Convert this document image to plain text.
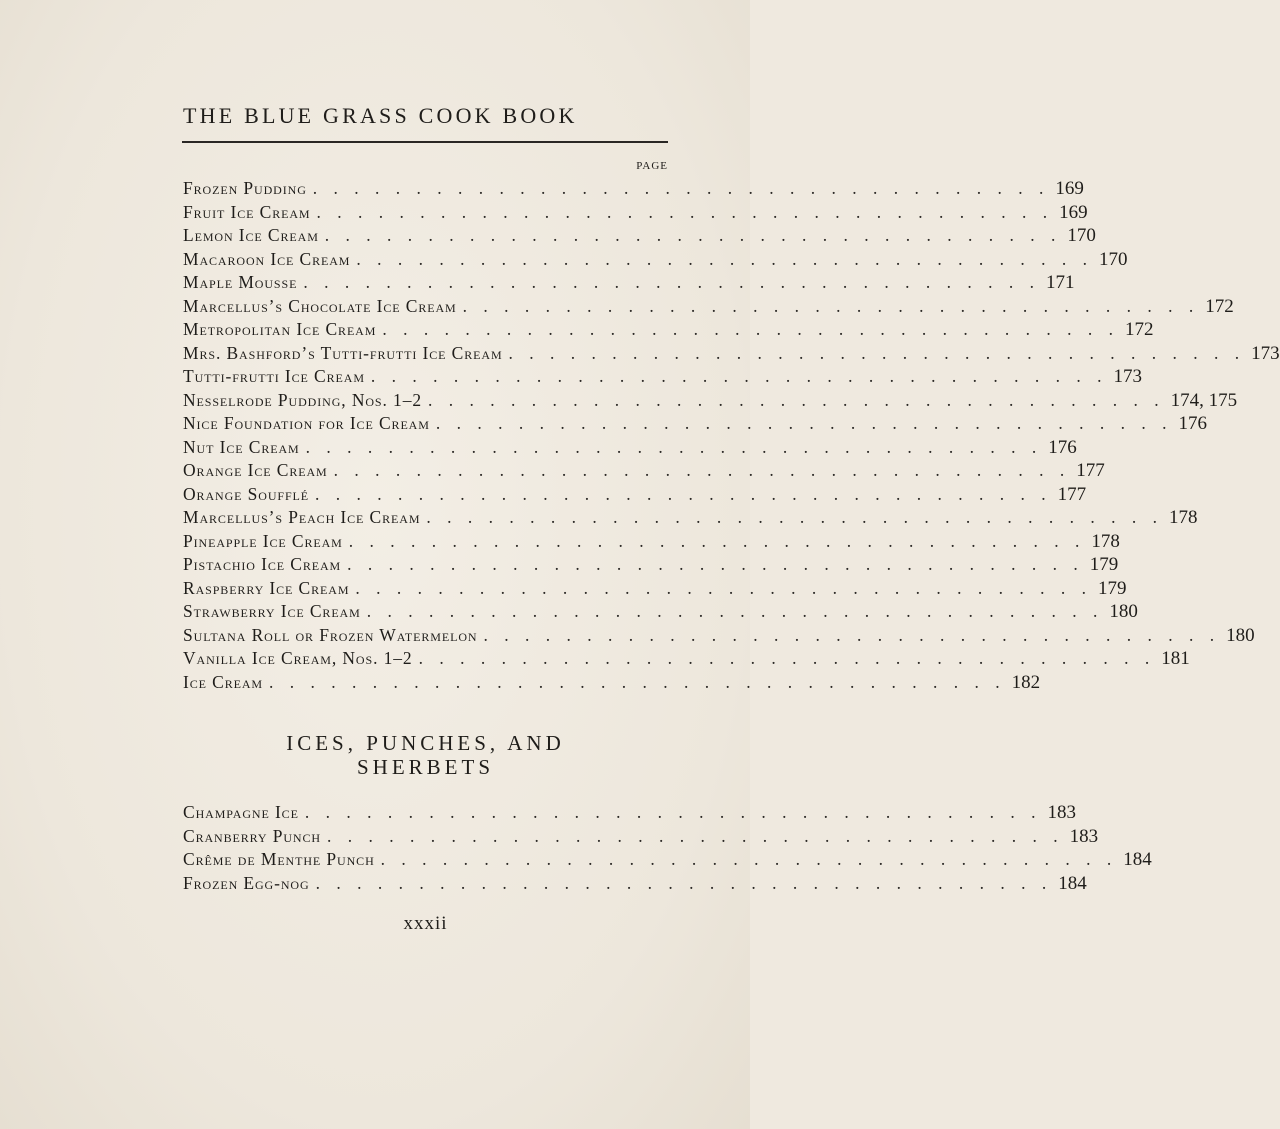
THE BLUE GRASS COOK BOOK
PAGE
Frozen Pudding . . . . . . . . . . . . . . . . . . . . . . . . . . . . . . . . . . . . 169
Fruit Ice Cream . . . . . . . . . . . . . . . . . . . . . . . . . . . . . . . . . . . . 169
Lemon Ice Cream . . . . . . . . . . . . . . . . . . . . . . . . . . . . . . . . . . . . 170
Macaroon Ice Cream . . . . . . . . . . . . . . . . . . . . . . . . . . . . . . . . . . . . 170
Maple Mousse . . . . . . . . . . . . . . . . . . . . . . . . . . . . . . . . . . . . 171
Marcellus’s Chocolate Ice Cream . . . . . . . . . . . . . . . . . . . . . . . . . . . . . . . . . . . . 172
Metropolitan Ice Cream . . . . . . . . . . . . . . . . . . . . . . . . . . . . . . . . . . . . 172
Mrs. Bashford’s Tutti-frutti Ice Cream . . . . . . . . . . . . . . . . . . . . . . . . . . . . . . . . . . . . 173
Tutti-frutti Ice Cream . . . . . . . . . . . . . . . . . . . . . . . . . . . . . . . . . . . . 173
Nesselrode Pudding, Nos. 1–2 . . . . . . . . . . . . . . . . . . . . . . . . . . . . . . . . . . . . 174, 175
Nice Foundation for Ice Cream . . . . . . . . . . . . . . . . . . . . . . . . . . . . . . . . . . . . 176
Nut Ice Cream . . . . . . . . . . . . . . . . . . . . . . . . . . . . . . . . . . . . 176
Orange Ice Cream . . . . . . . . . . . . . . . . . . . . . . . . . . . . . . . . . . . . 177
Orange Soufflé . . . . . . . . . . . . . . . . . . . . . . . . . . . . . . . . . . . . 177
Marcellus’s Peach Ice Cream . . . . . . . . . . . . . . . . . . . . . . . . . . . . . . . . . . . . 178
Pineapple Ice Cream . . . . . . . . . . . . . . . . . . . . . . . . . . . . . . . . . . . . 178
Pistachio Ice Cream . . . . . . . . . . . . . . . . . . . . . . . . . . . . . . . . . . . . 179
Raspberry Ice Cream . . . . . . . . . . . . . . . . . . . . . . . . . . . . . . . . . . . . 179
Strawberry Ice Cream . . . . . . . . . . . . . . . . . . . . . . . . . . . . . . . . . . . . 180
Sultana Roll or Frozen Watermelon . . . . . . . . . . . . . . . . . . . . . . . . . . . . . . . . . . . . 180
Vanilla Ice Cream, Nos. 1–2 . . . . . . . . . . . . . . . . . . . . . . . . . . . . . . . . . . . . 181
Ice Cream . . . . . . . . . . . . . . . . . . . . . . . . . . . . . . . . . . . . 182
ICES, PUNCHES, AND
SHERBETS
Champagne Ice . . . . . . . . . . . . . . . . . . . . . . . . . . . . . . . . . . . . 183
Cranberry Punch . . . . . . . . . . . . . . . . . . . . . . . . . . . . . . . . . . . . 183
Crême de Menthe Punch . . . . . . . . . . . . . . . . . . . . . . . . . . . . . . . . . . . . 184
Frozen Egg-nog . . . . . . . . . . . . . . . . . . . . . . . . . . . . . . . . . . . . 184
xxxii
